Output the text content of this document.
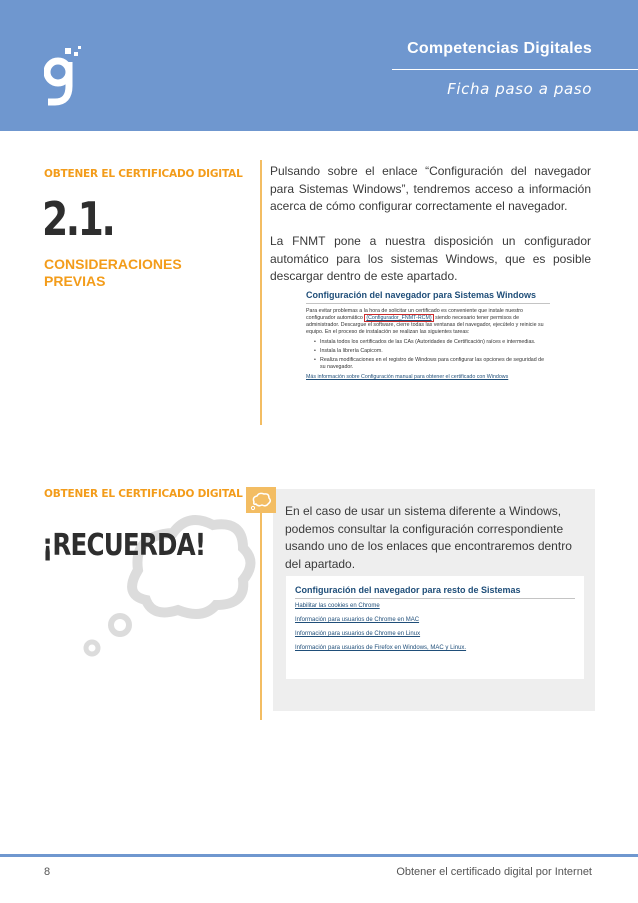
Competencias Digitales
Ficha paso a paso
OBTENER EL CERTIFICADO DIGITAL
2.1.
CONSIDERACIONES PREVIAS
Pulsando sobre el enlace “Configuración del navegador para Sistemas Windows”, tendremos acceso a información acerca de cómo configurar correctamente el navegador.
La FNMT pone a nuestra disposición un configurador automático para los sistemas Windows, que es posible descargar dentro de este apartado.
Configuración del navegador para Sistemas Windows
Para evitar problemas a la hora de solicitar un certificado es conveniente que instale nuestro configurador automático (Configurador_FNMT-RCM) siendo necesario tener permisos de administrador. Descargue el software, cierre todas las ventanas del navegador, ejecútelo y reinicie su equipo. En el proceso de instalación se realizan las siguientes tareas:
• Instala todos los certificados de las CAs (Autoridades de Certificación) raíces e intermedias.
• Instala la librería Capicom.
• Realiza modificaciones en el registro de Windows para configurar las opciones de seguridad de su navegador.
Más información sobre Configuración manual para obtener el certificado con Windows
OBTENER EL CERTIFICADO DIGITAL
¡RECUERDA!
En el caso de usar un sistema diferente a Windows, podemos consultar la configuración correspondiente usando uno de los enlaces que encontraremos dentro del apartado.
Configuración del navegador para resto de Sistemas
Habilitar las cookies en Chrome
Información para usuarios de Chrome en MAC
Información para usuarios de Chrome en Linux
Información para usuarios de Firefox en Windows, MAC y Linux.
8	Obtener el certificado digital por Internet
